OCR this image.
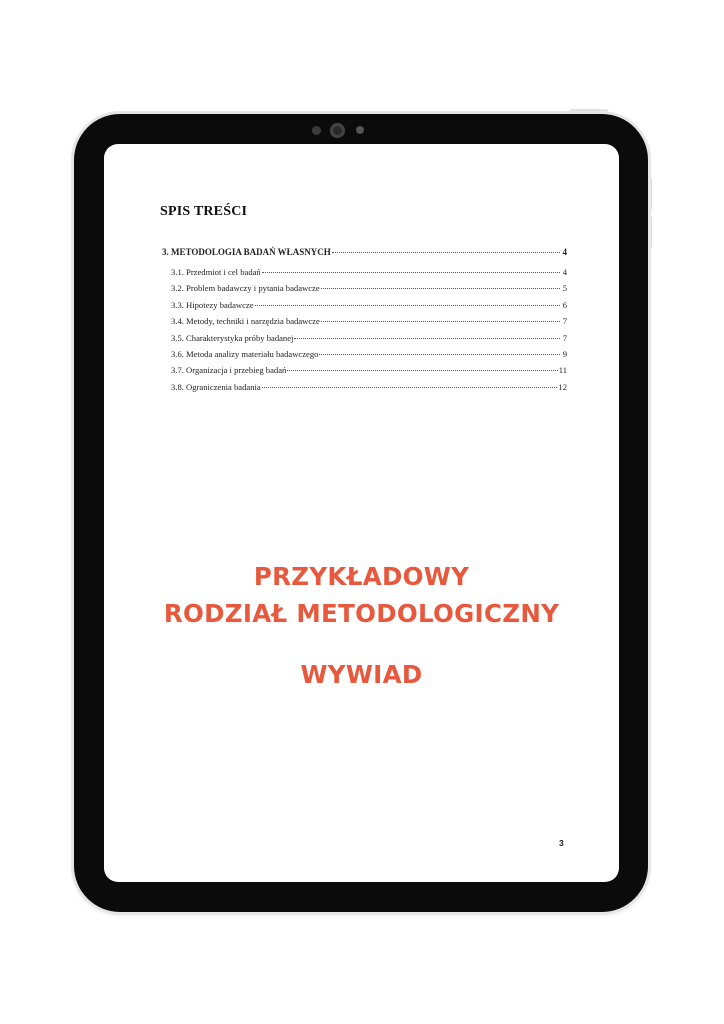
SPIS TREŚCI
3. METODOLOGIA BADAŃ WŁASNYCH	4
3.1. Przedmiot i cel badań	4
3.2. Problem badawczy i pytania badawcze	5
3.3. Hipotezy badawcze	6
3.4. Metody, techniki i narzędzia badawcze	7
3.5. Charakterystyka próby badanej	7
3.6. Metoda analizy materiału badawczego	9
3.7. Organizacja i przebieg badań	11
3.8. Ograniczenia badania	12
PRZYKŁADOWY
RODZIAŁ METODOLOGICZNY
WYWIAD
3
